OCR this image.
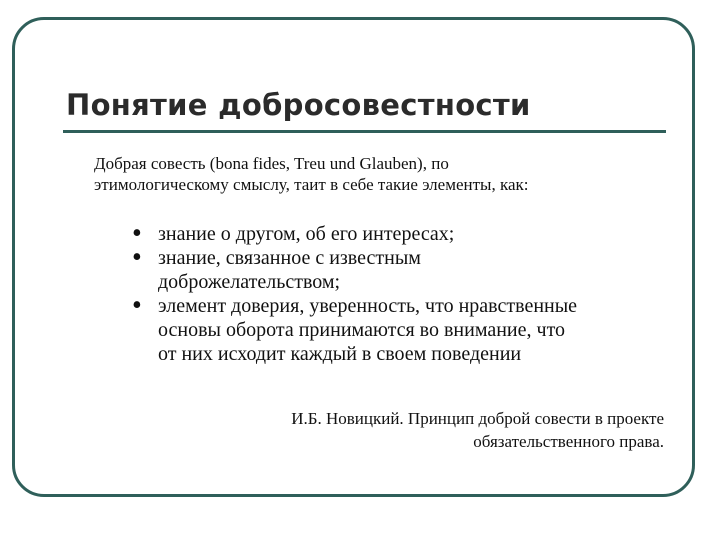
Понятие добросовестности
Добрая совесть (bona fides, Treu und Glauben), по
этимологическому смыслу, таит в себе такие элементы, как:
• знание о другом, об его интересах;
• знание, связанное с известным
доброжелательством;
• элемент доверия, уверенность, что нравственные
основы оборота принимаются во внимание, что
от них исходит каждый в своем поведении
И.Б. Новицкий. Принцип доброй совести в проекте
обязательственного права.
